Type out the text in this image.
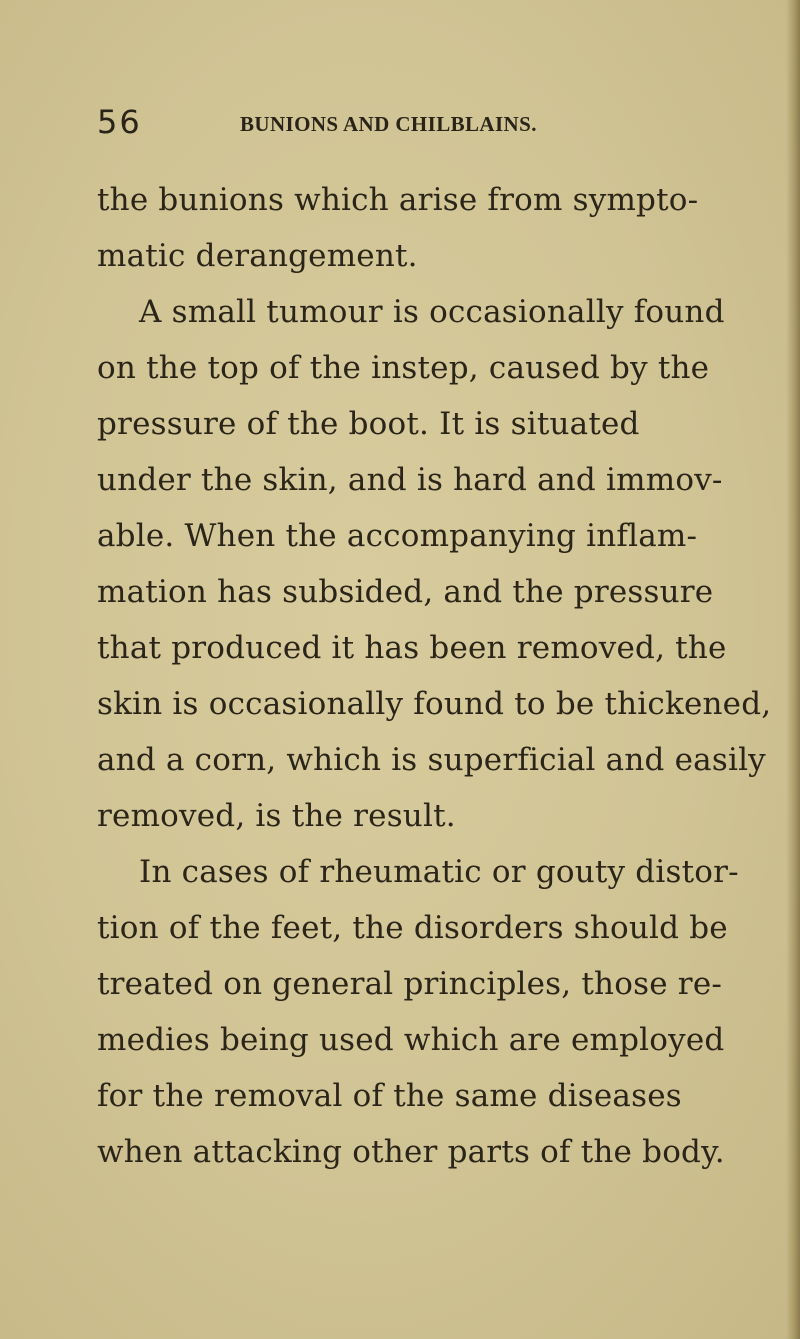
56	BUNIONS AND CHILBLAINS.
the bunions which arise from sympto-
matic derangement.
A small tumour is occasionally found
on the top of the instep, caused by the
pressure of the boot. It is situated
under the skin, and is hard and immov-
able. When the accompanying inflam-
mation has subsided, and the pressure
that produced it has been removed, the
skin is occasionally found to be thickened,
and a corn, which is superficial and easily
removed, is the result.
In cases of rheumatic or gouty distor-
tion of the feet, the disorders should be
treated on general principles, those re-
medies being used which are employed
for the removal of the same diseases
when attacking other parts of the body.
